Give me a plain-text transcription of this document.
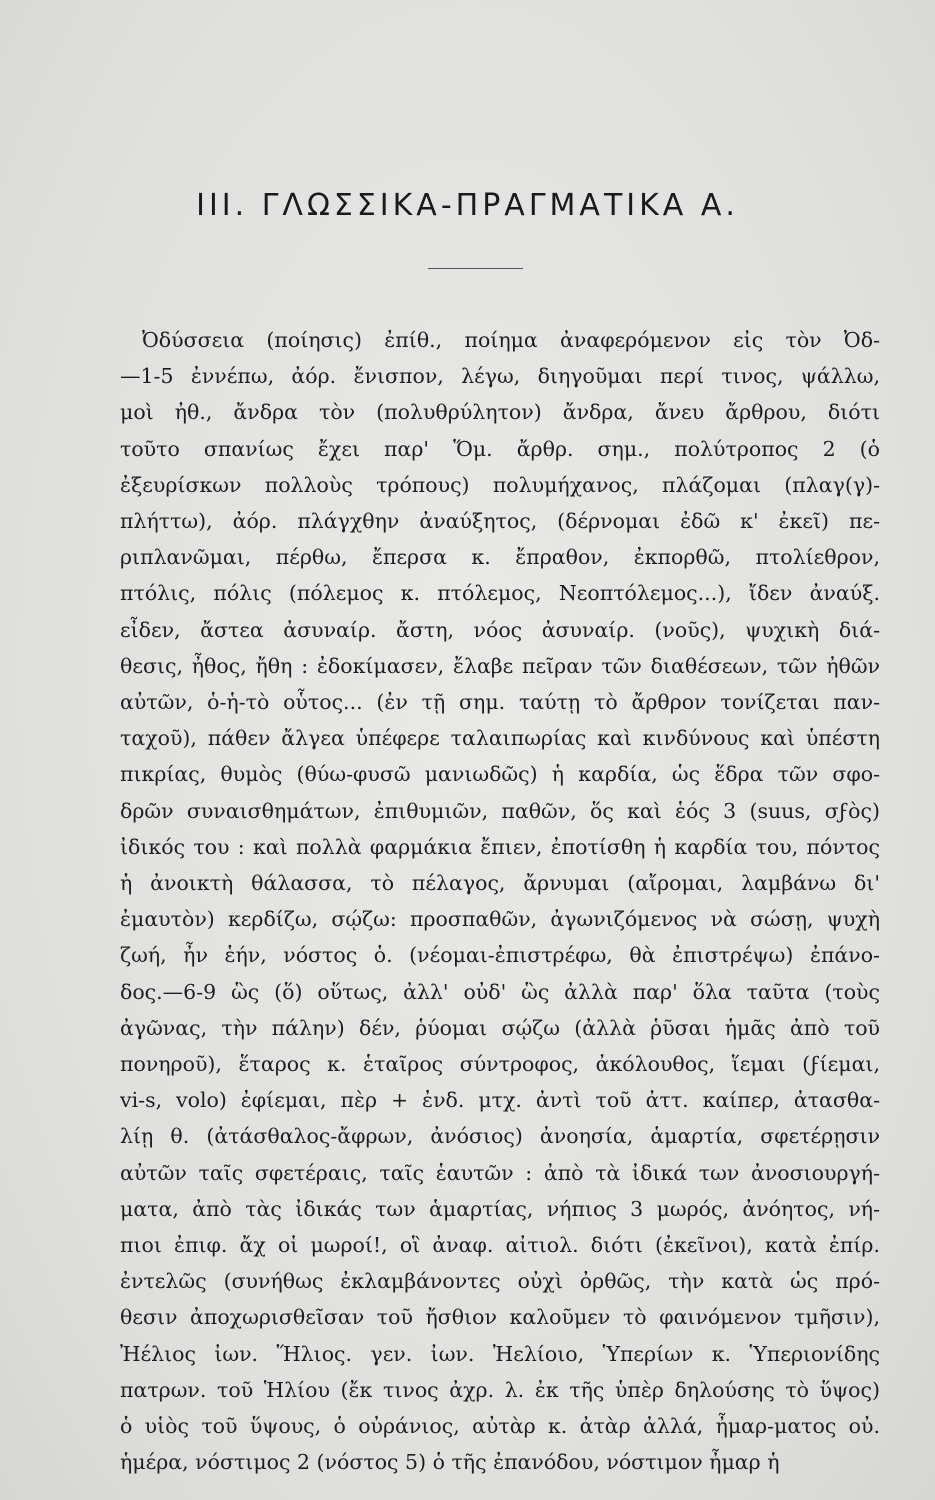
III. ΓΛΩΣΣΙΚΑ-ΠΡΑΓΜΑΤΙΚΑ Α.
Ὀδύσσεια (ποίησις) ἐπίθ., ποίημα ἀναφερόμενον εἰς τὸν Ὀδ-
—1-5 ἐννέπω, ἀόρ. ἔνισπον, λέγω, διηγοῦμαι περί τινος, ψάλλω,
μοὶ ἠθ., ἄνδρα τὸν (πολυθρύλητον) ἄνδρα, ἄνευ ἄρθρου, διότι
τοῦτο σπανίως ἔχει παρ' Ὅμ. ἄρθρ. σημ., πολύτροπος 2 (ὁ
ἐξευρίσκων πολλοὺς τρόπους) πολυμήχανος, πλάζομαι (πλαγ(γ)-
πλήττω), ἀόρ. πλάγχθην ἀναύξητος, (δέρνομαι ἐδῶ κ' ἐκεῖ) πε-
ριπλανῶμαι, πέρθω, ἔπερσα κ. ἔπραθον, ἐκπορθῶ, πτολίεθρον,
πτόλις, πόλις (πόλεμος κ. πτόλεμος, Νεοπτόλεμος...), ἴδεν ἀναύξ.
εἶδεν, ἄστεα ἀσυναίρ. ἄστη, νόος ἀσυναίρ. (νοῦς), ψυχικὴ διά-
θεσις, ἦθος, ἤθη : ἐδοκίμασεν, ἔλαβε πεῖραν τῶν διαθέσεων, τῶν ἠθῶν
αὐτῶν, ὁ-ἡ-τὸ οὗτος... (ἐν τῇ σημ. ταύτῃ τὸ ἄρθρον τονίζεται παν-
ταχοῦ), πάθεν ἄλγεα ὑπέφερε ταλαιπωρίας καὶ κινδύνους καὶ ὑπέστη
πικρίας, θυμὸς (θύω-φυσῶ μανιωδῶς) ἡ καρδία, ὡς ἕδρα τῶν σφο-
δρῶν συναισθημάτων, ἐπιθυμιῶν, παθῶν, ὅς καὶ ἑός 3 (suus, σϝὸς)
ἰδικός του : καὶ πολλὰ φαρμάκια ἔπιεν, ἐποτίσθη ἡ καρδία του, πόντος
ἡ ἀνοικτὴ θάλασσα, τὸ πέλαγος, ἄρνυμαι (αἴρομαι, λαμβάνω δι'
ἐμαυτὸν) κερδίζω, σῴζω: προσπαθῶν, ἀγωνιζόμενος νὰ σώσῃ, ψυχὴ
ζωή, ἦν ἑήν, νόστος ὁ. (νέομαι-ἐπιστρέφω, θὰ ἐπιστρέψω) ἐπάνο-
δος.—6-9 ὣς (ὅ) οὕτως, ἀλλ' οὐδ' ὣς ἀλλὰ παρ' ὅλα ταῦτα (τοὺς
ἀγῶνας, τὴν πάλην) δέν, ῥύομαι σῴζω (ἀλλὰ ῥῦσαι ἡμᾶς ἀπὸ τοῦ
πονηροῦ), ἕταρος κ. ἑταῖρος σύντροφος, ἀκόλουθος, ἵεμαι (ϝίεμαι,
vi-s, volo) ἐφίεμαι, πὲρ + ἐνδ. μτχ. ἀντὶ τοῦ ἀττ. καίπερ, ἀτασθα-
λίῃ θ. (ἀτάσθαλος-ἄφρων, ἀνόσιος) ἀνοησία, ἁμαρτία, σφετέρῃσιν
αὐτῶν ταῖς σφετέραις, ταῖς ἑαυτῶν : ἀπὸ τὰ ἰδικά των ἀνοσιουργή-
ματα, ἀπὸ τὰς ἰδικάς των ἁμαρτίας, νήπιος 3 μωρός, ἀνόητος, νή-
πιοι ἐπιφ. ἄχ οἱ μωροί!, οἳ ἀναφ. αἰτιολ. διότι (ἐκεῖνοι), κατὰ ἐπίρ.
ἐντελῶς (συνήθως ἐκλαμβάνοντες οὐχὶ ὀρθῶς, τὴν κατὰ ὡς πρό-
θεσιν ἀποχωρισθεῖσαν τοῦ ἤσθιον καλοῦμεν τὸ φαινόμενον τμῆσιν),
Ἠέλιος ἰων. Ἥλιος. γεν. ἰων. Ἠελίοιο, Ὑπερίων κ. Ὑπεριονίδης
πατρων. τοῦ Ἡλίου (ἔκ τινος ἀχρ. λ. ἐκ τῆς ὑπὲρ δηλούσης τὸ ὕψος)
ὁ υἱὸς τοῦ ὕψους, ὁ οὐράνιος, αὐτὰρ κ. ἀτὰρ ἀλλά, ἦμαρ-ματος οὐ.
ἡμέρα, νόστιμος 2 (νόστος 5) ὁ τῆς ἐπανόδου, νόστιμον ἦμαρ ἡ
